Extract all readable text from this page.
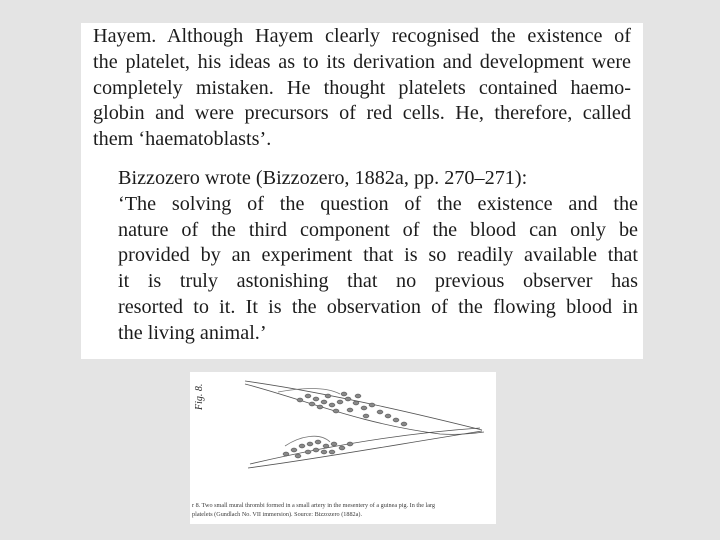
Hayem. Although Hayem clearly recognised the existence of
the platelet, his ideas as to its derivation and development were
completely mistaken. He thought platelets contained haemo-
globin and were precursors of red cells. He, therefore, called
them ‘haematoblasts’.

Bizzozero wrote (Bizzozero, 1882a, pp. 270–271):
‘The solving of the question of the existence and the
nature of the third component of the blood can only be
provided by an experiment that is so readily available that
it is truly astonishing that no previous observer has
resorted to it. It is the observation of the flowing blood in
the living animal.’

Fig. 8.

r 8. Two small mural thrombi formed in a small artery in the mesentery of a guinea pig. In the larg
platelets (Gundlach No. VII immersion). Source: Bizzozero (1882a).
